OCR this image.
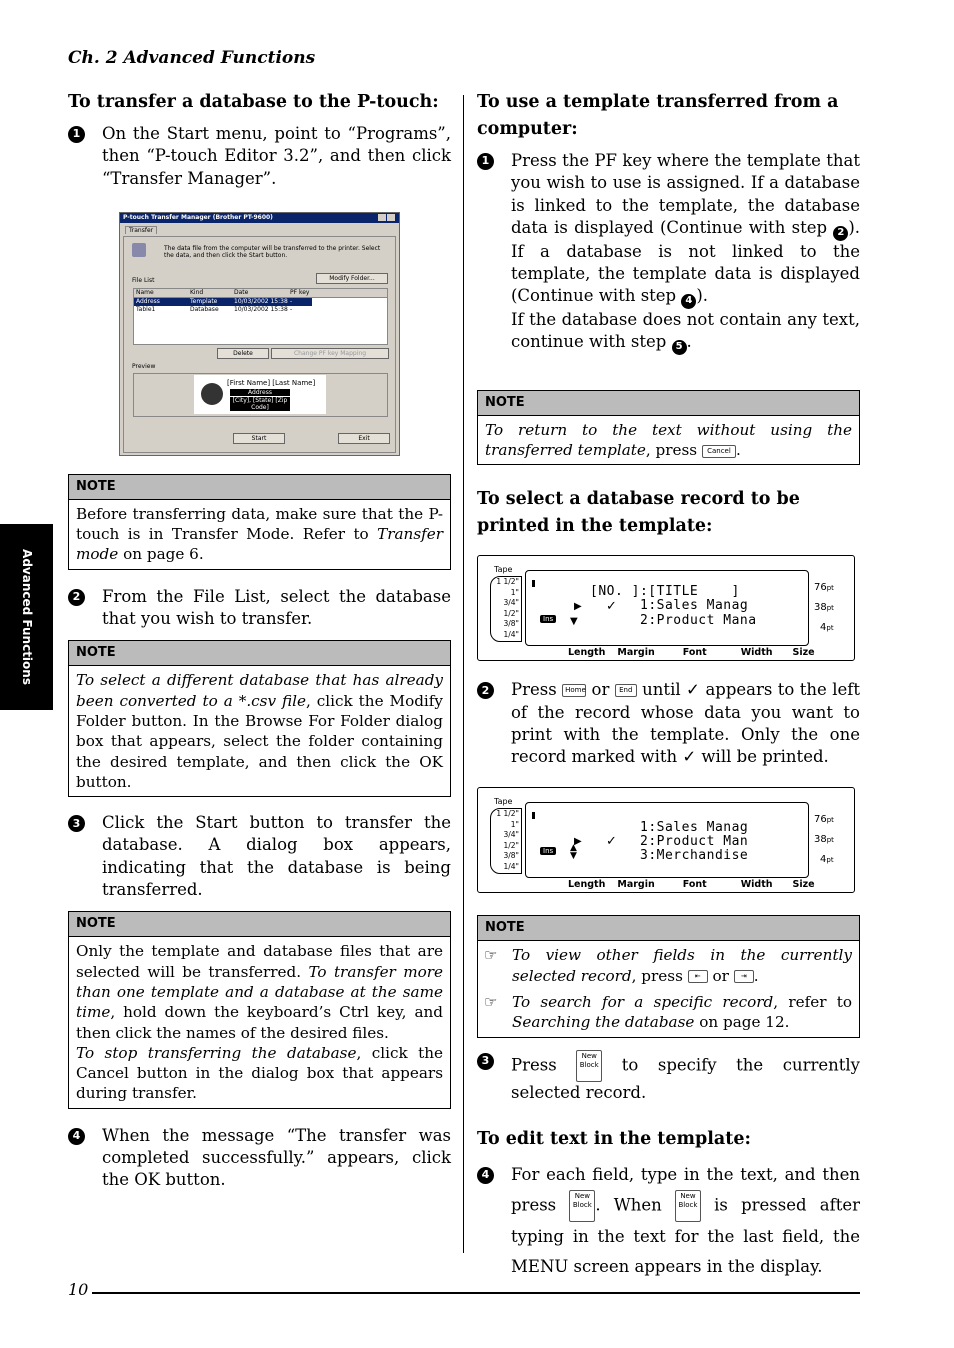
Ch. 2 Advanced Functions
Advanced Functions
To transfer a database to the P-touch:
1 On the Start menu, point to “Programs”, then “P-touch Editor 3.2”, and then click “Transfer Manager”.
P-touch Transfer Manager (Brother PT-9600)
Transfer
The data file from the computer will be transferred to the printer. Select the data, and then click the Start button.
File List	Modify Folder...
Name	Kind	Date	PF key
Address	Template	10/03/2002 15:38 -
Table1	Database	10/03/2002 15:38 -
Delete	Change PF key Mapping
Preview
[First Name] [Last Name]
Address
[City], [State] [Zip Code]
Start	Exit
NOTE
Before transferring data, make sure that the P-touch is in Transfer Mode. Refer to Transfer mode on page 6.
2 From the File List, select the database that you wish to transfer.
NOTE
To select a different database that has already been converted to a *.csv file, click the Modify Folder button. In the Browse For Folder dialog box that appears, select the folder containing the desired template, and then click the OK button.
3 Click the Start button to transfer the database. A dialog box appears, indicating that the database is being transferred.
NOTE
Only the template and database files that are selected will be transferred. To transfer more than one template and a database at the same time, hold down the keyboard’s Ctrl key, and then click the names of the desired files.
To stop transferring the database, click the Cancel button in the dialog box that appears during transfer.
4 When the message “The transfer was completed successfully.” appears, click the OK button.
To use a template transferred from a computer:
1 Press the PF key where the template that you wish to use is assigned. If a database is linked to the template, the database data is displayed (Continue with step 2 ). If a database is not linked to the template, the template data is displayed (Continue with step 4 ).
If the database does not contain any text, continue with step 5 .
NOTE
To return to the text without using the transferred template, press Cancel .
To select a database record to be printed in the template:
Tape
1 1/2"
1"
3/4"
1/2"
3/8"
1/4"
[NO. ]:[TITLE    ]
▶ ✓ 1:Sales Manag
Ins	▼	2:Product Mana
76pt
38pt
4pt
Length Margin	Font	Width Size
2 Press Home or End until ✓ appears to the left of the record whose data you want to print with the template. Only the one record marked with ✓ will be printed.
Tape
1 1/2"
1"
3/4"
1/2"
3/8"
1/4"
1:Sales Manag
▶ ✓ 2:Product Man
Ins	▲
▼	3:Merchandise
76pt
38pt
4pt
Length Margin	Font	Width Size
NOTE
☞ To view other fields in the currently selected record, press ⇤ or ⇥ .
☞ To search for a specific record, refer to Searching the database on page 12.
3 Press New Block to specify the currently selected record.
To edit text in the template:
4 For each field, type in the text, and then press New Block . When New Block is pressed after typing in the text for the last field, the MENU screen appears in the display.
10
